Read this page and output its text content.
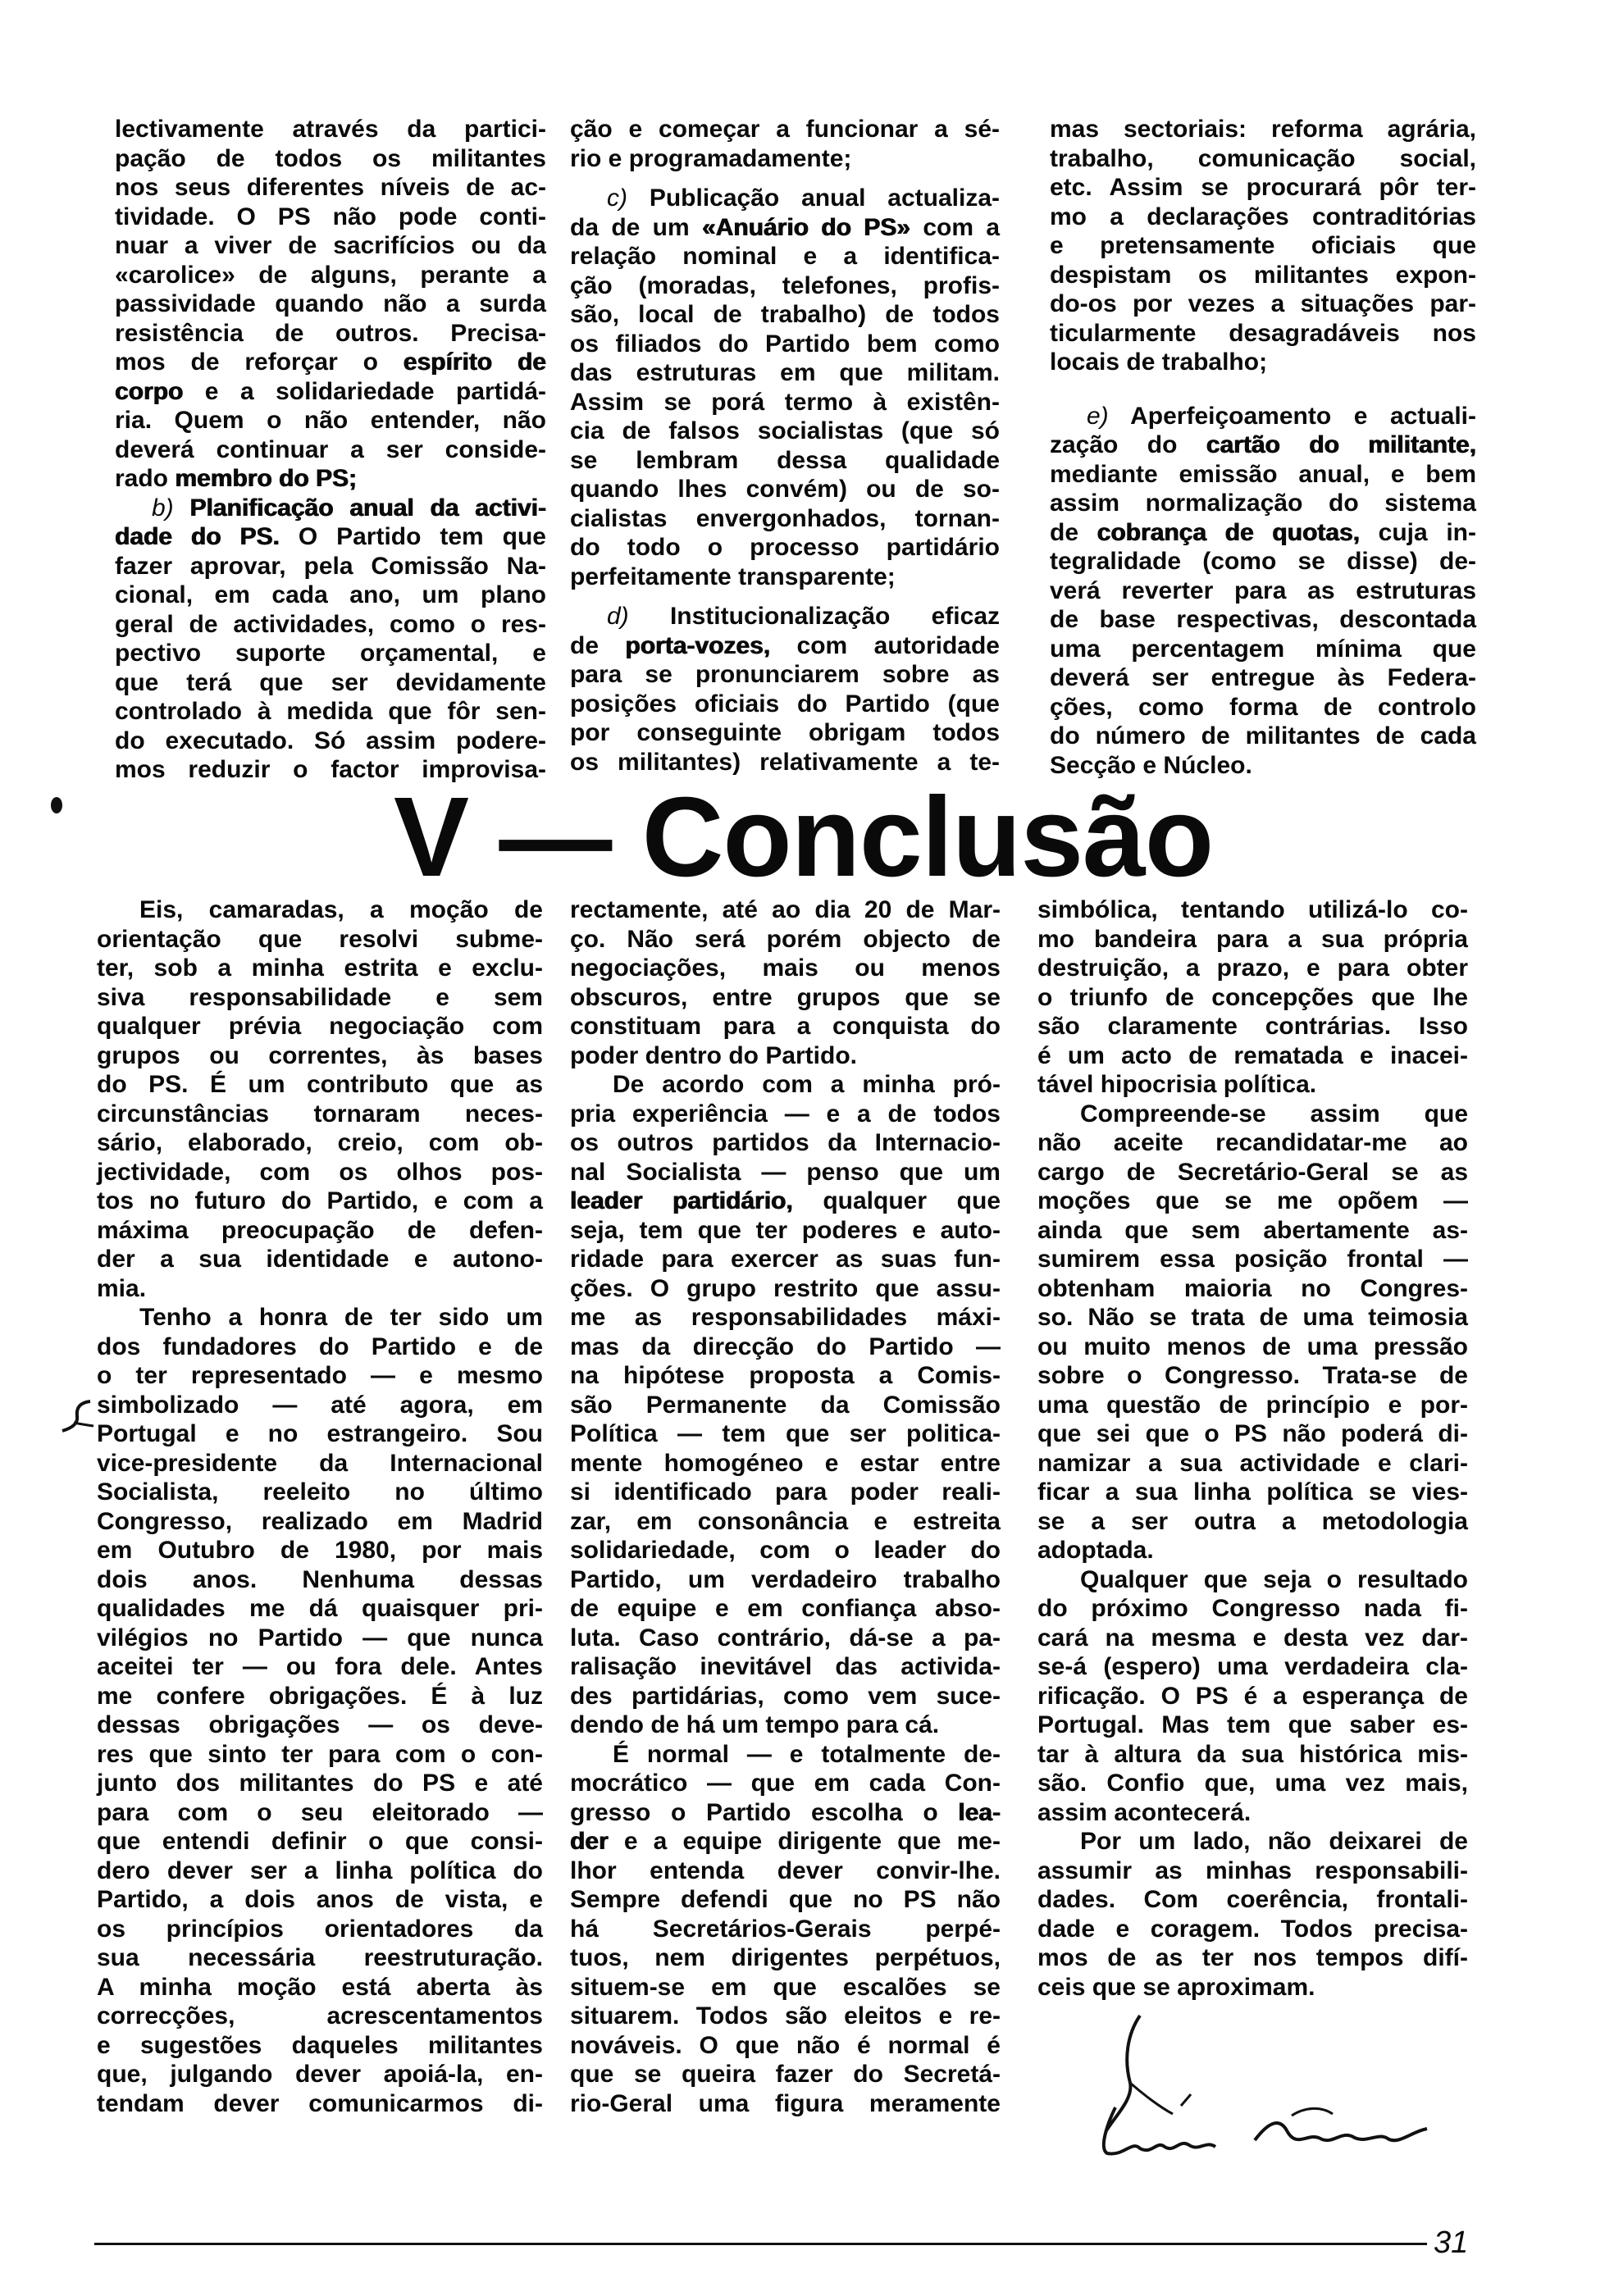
lectivamente através da partici-
pação de todos os militantes
nos seus diferentes níveis de ac-
tividade. O PS não pode conti-
nuar a viver de sacrifícios ou da
«carolice» de alguns, perante a
passividade quando não a surda
resistência de outros. Precisa-
mos de reforçar o espírito de
corpo e a solidariedade partidá-
ria. Quem o não entender, não
deverá continuar a ser conside-
rado membro do PS;
b) Planificação anual da activi-
dade do PS. O Partido tem que
fazer aprovar, pela Comissão Na-
cional, em cada ano, um plano
geral de actividades, como o res-
pectivo suporte orçamental, e
que terá que ser devidamente
controlado à medida que fôr sen-
do executado. Só assim podere-
mos reduzir o factor improvisa-
ção e começar a funcionar a sé-
rio e programadamente;
c) Publicação anual actualiza-
da de um «Anuário do PS» com a
relação nominal e a identifica-
ção (moradas, telefones, profis-
são, local de trabalho) de todos
os filiados do Partido bem como
das estruturas em que militam.
Assim se porá termo à existên-
cia de falsos socialistas (que só
se lembram dessa qualidade
quando lhes convém) ou de so-
cialistas envergonhados, tornan-
do todo o processo partidário
perfeitamente transparente;
d) Institucionalização eficaz
de porta-vozes, com autoridade
para se pronunciarem sobre as
posições oficiais do Partido (que
por conseguinte obrigam todos
os militantes) relativamente a te-
mas sectoriais: reforma agrária,
trabalho, comunicação social,
etc. Assim se procurará pôr ter-
mo a declarações contraditórias
e pretensamente oficiais que
despistam os militantes expon-
do-os por vezes a situações par-
ticularmente desagradáveis nos
locais de trabalho;
e) Aperfeiçoamento e actuali-
zação do cartão do militante,
mediante emissão anual, e bem
assim normalização do sistema
de cobrança de quotas, cuja in-
tegralidade (como se disse) de-
verá reverter para as estruturas
de base respectivas, descontada
uma percentagem mínima que
deverá ser entregue às Federa-
ções, como forma de controlo
do número de militantes de cada
Secção e Núcleo.
V — Conclusão
Eis, camaradas, a moção de
orientação que resolvi subme-
ter, sob a minha estrita e exclu-
siva responsabilidade e sem
qualquer prévia negociação com
grupos ou correntes, às bases
do PS. É um contributo que as
circunstâncias tornaram neces-
sário, elaborado, creio, com ob-
jectividade, com os olhos pos-
tos no futuro do Partido, e com a
máxima preocupação de defen-
der a sua identidade e autono-
mia.
Tenho a honra de ter sido um
dos fundadores do Partido e de
o ter representado — e mesmo
simbolizado — até agora, em
Portugal e no estrangeiro. Sou
vice-presidente da Internacional
Socialista, reeleito no último
Congresso, realizado em Madrid
em Outubro de 1980, por mais
dois anos. Nenhuma dessas
qualidades me dá quaisquer pri-
vilégios no Partido — que nunca
aceitei ter — ou fora dele. Antes
me confere obrigações. É à luz
dessas obrigações — os deve-
res que sinto ter para com o con-
junto dos militantes do PS e até
para com o seu eleitorado —
que entendi definir o que consi-
dero dever ser a linha política do
Partido, a dois anos de vista, e
os princípios orientadores da
sua necessária reestruturação.
A minha moção está aberta às
correcções, acrescentamentos
e sugestões daqueles militantes
que, julgando dever apoiá-la, en-
tendam dever comunicarmos di-
rectamente, até ao dia 20 de Mar-
ço. Não será porém objecto de
negociações, mais ou menos
obscuros, entre grupos que se
constituam para a conquista do
poder dentro do Partido.
De acordo com a minha pró-
pria experiência — e a de todos
os outros partidos da Internacio-
nal Socialista — penso que um
leader partidário, qualquer que
seja, tem que ter poderes e auto-
ridade para exercer as suas fun-
ções. O grupo restrito que assu-
me as responsabilidades máxi-
mas da direcção do Partido —
na hipótese proposta a Comis-
são Permanente da Comissão
Política — tem que ser politica-
mente homogéneo e estar entre
si identificado para poder reali-
zar, em consonância e estreita
solidariedade, com o leader do
Partido, um verdadeiro trabalho
de equipe e em confiança abso-
luta. Caso contrário, dá-se a pa-
ralisação inevitável das activida-
des partidárias, como vem suce-
dendo de há um tempo para cá.
É normal — e totalmente de-
mocrático — que em cada Con-
gresso o Partido escolha o lea-
der e a equipe dirigente que me-
lhor entenda dever convir-lhe.
Sempre defendi que no PS não
há Secretários-Gerais perpé-
tuos, nem dirigentes perpétuos,
situem-se em que escalões se
situarem. Todos são eleitos e re-
nováveis. O que não é normal é
que se queira fazer do Secretá-
rio-Geral uma figura meramente
simbólica, tentando utilizá-lo co-
mo bandeira para a sua própria
destruição, a prazo, e para obter
o triunfo de concepções que lhe
são claramente contrárias. Isso
é um acto de rematada e inacei-
tável hipocrisia política.
Compreende-se assim que
não aceite recandidatar-me ao
cargo de Secretário-Geral se as
moções que se me opõem —
ainda que sem abertamente as-
sumirem essa posição frontal —
obtenham maioria no Congres-
so. Não se trata de uma teimosia
ou muito menos de uma pressão
sobre o Congresso. Trata-se de
uma questão de princípio e por-
que sei que o PS não poderá di-
namizar a sua actividade e clari-
ficar a sua linha política se vies-
se a ser outra a metodologia
adoptada.
Qualquer que seja o resultado
do próximo Congresso nada fi-
cará na mesma e desta vez dar-
se-á (espero) uma verdadeira cla-
rificação. O PS é a esperança de
Portugal. Mas tem que saber es-
tar à altura da sua histórica mis-
são. Confio que, uma vez mais,
assim acontecerá.
Por um lado, não deixarei de
assumir as minhas responsabili-
dades. Com coerência, frontali-
dade e coragem. Todos precisa-
mos de as ter nos tempos difí-
ceis que se aproximam.
31
